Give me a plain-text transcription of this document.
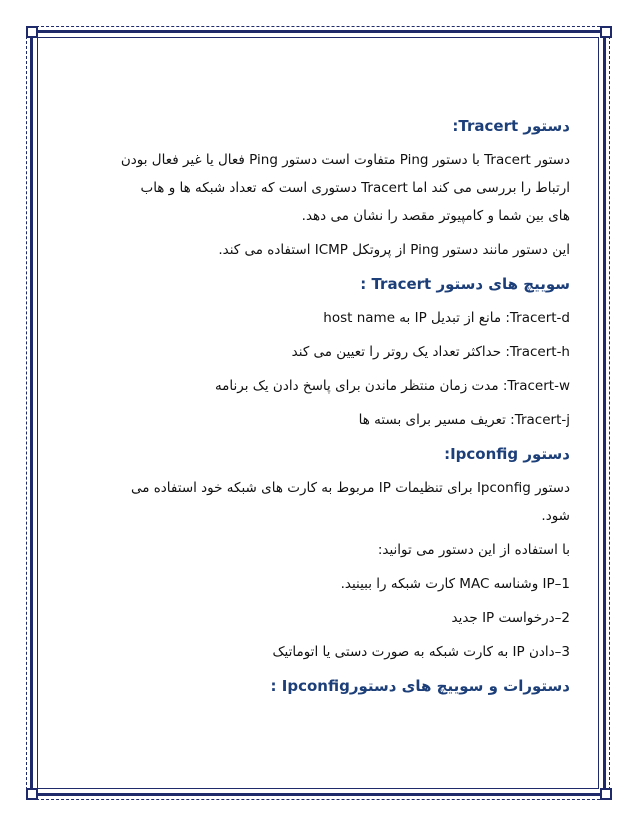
دستور Tracert:
دستور Tracert با دستور Ping متفاوت است دستور Ping فعال یا غیر فعال بودن
ارتباط را بررسی می کند اما Tracert دستوری است که تعداد شبکه ها و هاب
های بین شما و کامپیوتر مقصد را نشان می دهد.
این دستور مانند دستور Ping از پروتکل ICMP استفاده می کند.
سوییچ های دستور Tracert :
Tracert-d: مانع از تبدیل IP به host name
Tracert-h: حداکثر تعداد یک روتر را تعیین می کند
Tracert-w: مدت زمان منتظر ماندن برای پاسخ دادن یک برنامه
Tracert-j: تعریف مسیر برای بسته ها
دستور Ipconfig:
دستور Ipconfig برای تنظیمات IP مربوط به کارت های شبکه خود استفاده می
شود.
با استفاده از این دستور می توانید:
1–IP وشناسه MAC کارت شبکه را ببینید.
2–درخواست IP جدید
3–دادن IP به کارت شبکه به صورت دستی یا اتوماتیک
دستورات و سوییچ های دستورIpconfig :
